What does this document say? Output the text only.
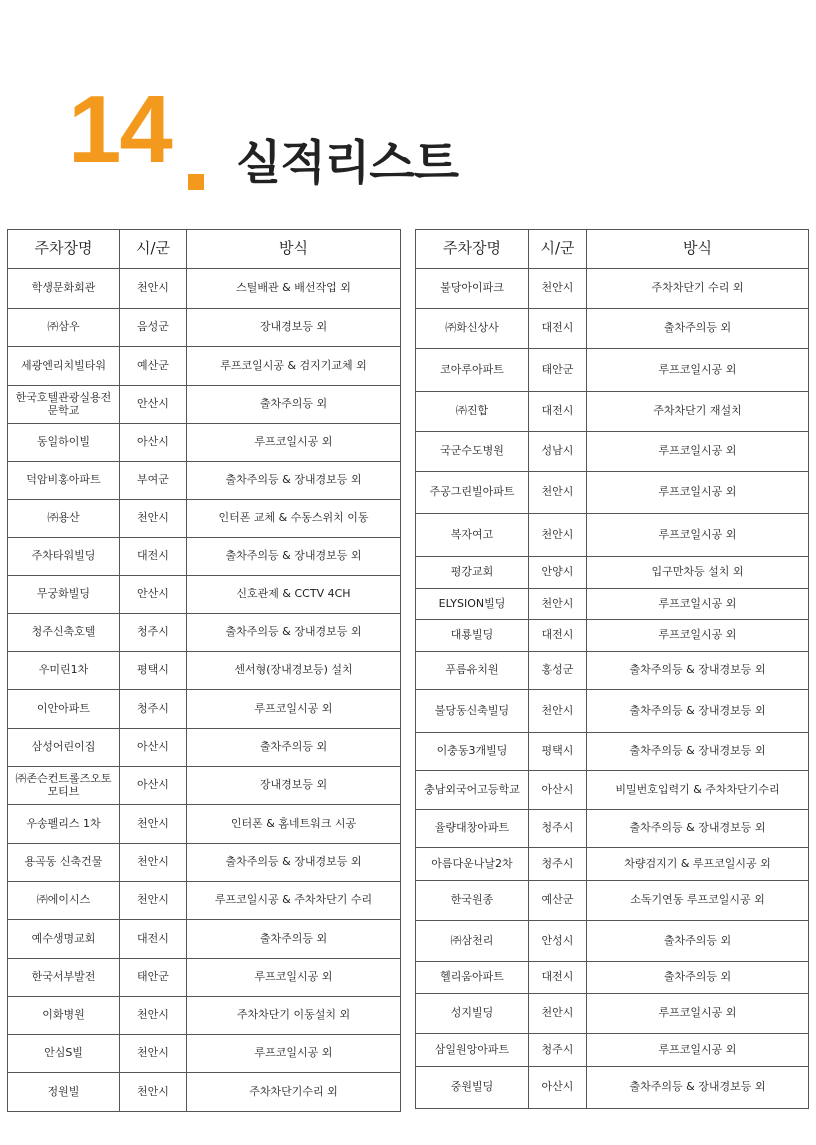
14 실적리스트
주차장명	시/군	방식
학생문화회관	천안시	스틸배관 & 배선작업 외
㈜삼우	음성군	장내경보등 외
세광엔리치빌타워	예산군	루프코일시공 & 검지기교체 외
한국호텔관광실용전문학교	안산시	출차주의등 외
동일하이빌	아산시	루프코일시공 외
덕암비홍아파트	부여군	출차주의등 & 장내경보등 외
㈜용산	천안시	인터폰 교체 & 수동스위치 이동
주차타워빌딩	대전시	출차주의등 & 장내경보등 외
무궁화빌딩	안산시	신호관제 & CCTV 4CH
청주신축호텔	청주시	출차주의등 & 장내경보등 외
우미린1차	평택시	센서형(장내경보등) 설치
이안아파트	청주시	루프코일시공 외
삼성어린이집	아산시	출차주의등 외
㈜존슨컨트롤즈오토모티브	아산시	장내경보등 외
우송펠리스 1차	천안시	인터폰 & 홈네트워크 시공
용곡동 신축건물	천안시	출차주의등 & 장내경보등 외
㈜에이시스	천안시	루프코일시공 & 주차차단기 수리
예수생명교회	대전시	출차주의등 외
한국서부발전	태안군	루프코일시공 외
이화병원	천안시	주차차단기 이동설치 외
안심S빌	천안시	루프코일시공 외
정원빌	천안시	주차차단기수리 외
주차장명	시/군	방식
불당아이파크	천안시	주차차단기 수리 외
㈜화신상사	대전시	출차주의등 외
코아루아파트	태안군	루프코일시공 외
㈜진합	대전시	주차차단기 재설치
국군수도병원	성남시	루프코일시공 외
주공그린빌아파트	천안시	루프코일시공 외
복자여고	천안시	루프코일시공 외
평강교회	안양시	입구만차등 설치 외
ELYSION빌딩	천안시	루프코일시공 외
대룡빌딩	대전시	루프코일시공 외
푸름유치원	홍성군	출차주의등 & 장내경보등 외
불당동신축빌딩	천안시	출차주의등 & 장내경보등 외
이충동3개빌딩	평택시	출차주의등 & 장내경보등 외
충남외국어고등학교	아산시	비밀번호입력기 & 주차차단기수리
율량대창아파트	청주시	출차주의등 & 장내경보등 외
아름다운나날2차	청주시	차량검지기 & 루프코일시공 외
한국원종	예산군	소독기연동 루프코일시공 외
㈜삼천리	안성시	출차주의등 외
헬리움아파트	대전시	출차주의등 외
성지빌딩	천안시	루프코일시공 외
삼일원앙아파트	청주시	루프코일시공 외
중원빌딩	아산시	출차주의등 & 장내경보등 외
